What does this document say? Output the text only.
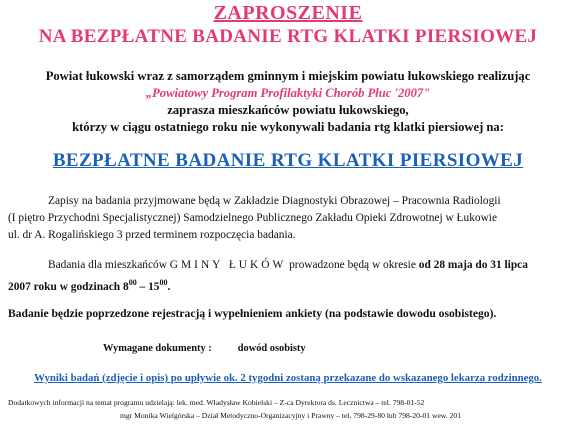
ZAPROSZENIE
NA BEZPŁATNE BADANIE RTG KLATKI PIERSIOWEJ
Powiat łukowski wraz z samorządem gminnym i miejskim powiatu łukowskiego realizując
„Powiatowy Program Profilaktyki Chorób Płuc '2007"
zaprasza mieszkańców powiatu łukowskiego,
którzy w ciągu ostatniego roku nie wykonywali badania rtg klatki piersiowej na:
BEZPŁATNE BADANIE RTG KLATKI PIERSIOWEJ
Zapisy na badania przyjmowane będą w Zakładzie Diagnostyki Obrazowej – Pracownia Radiologii
(I piętro Przychodni Specjalistycznej) Samodzielnego Publicznego Zakładu Opieki Zdrowotnej w Łukowie
ul. dr A. Rogalińskiego 3 przed terminem rozpoczęcia badania.
Badania dla mieszkańców GMINY ŁUKÓW prowadzone będą w okresie od 28 maja do 31 lipca
2007 roku w godzinach $8^{00} - 15^{00}$.
Badanie będzie poprzedzone rejestracją i wypełnieniem ankiety (na podstawie dowodu osobistego).
Wymagane dokumenty :	dowód osobisty
Wyniki badań (zdjęcie i opis) po upływie ok. 2 tygodni zostaną przekazane do wskazanego lekarza rodzinnego.
Dodatkowych informacji na temat programu udzielają: lek. med. Władysław Kobielski – Z-ca Dyrektora ds. Lecznictwa – tel. 798-01-52
mgr Monika Wielgórska – Dział Metodyczno-Organizacyjny i Prawny – tel. 798-29-80 lub 798-20-01 wew. 201
